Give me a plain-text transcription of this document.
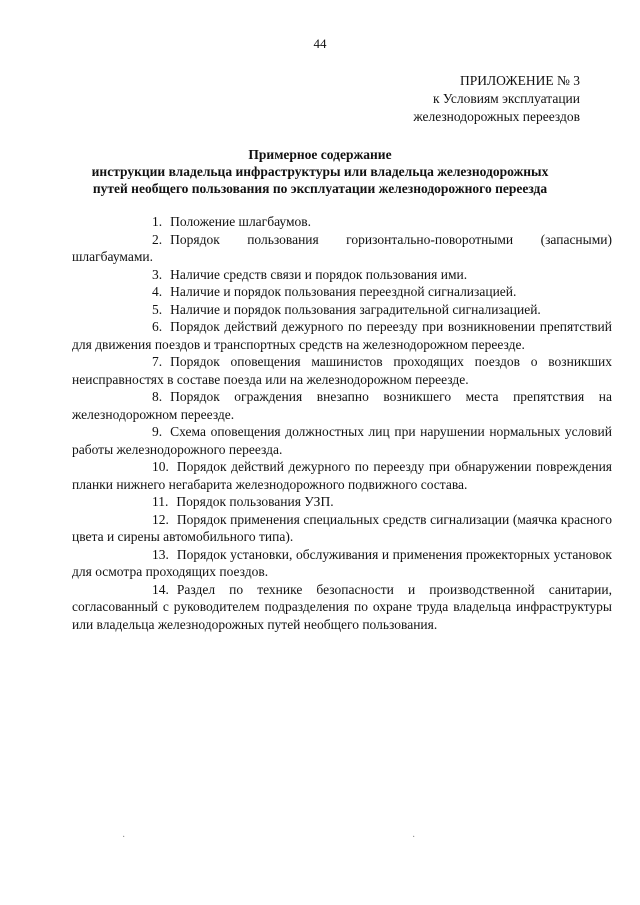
44
ПРИЛОЖЕНИЕ № 3
к Условиям эксплуатации
железнодорожных переездов
Примерное содержание
инструкции владельца инфраструктуры или владельца железнодорожных
путей необщего пользования по эксплуатации железнодорожного переезда

1. Положение шлагбаумов.

2. Порядок пользования горизонтально-поворотными (запасными) шлагбаумами.

3. Наличие средств связи и порядок пользования ими.

4. Наличие и порядок пользования переездной сигнализацией.

5. Наличие и порядок пользования заградительной сигнализацией.

6. Порядок действий дежурного по переезду при возникновении препятствий для движения поездов и транспортных средств на железнодорожном переезде.

7. Порядок оповещения машинистов проходящих поездов о возникших неисправностях в составе поезда или на железнодорожном переезде.

8. Порядок ограждения внезапно возникшего места препятствия на железнодорожном переезде.

9. Схема оповещения должностных лиц при нарушении нормальных условий работы железнодорожного переезда.

10. Порядок действий дежурного по переезду при обнаружении повреждения планки нижнего негабарита железнодорожного подвижного состава.

11. Порядок пользования УЗП.

12. Порядок применения специальных средств сигнализации (маячка красного цвета и сирены автомобильного типа).

13. Порядок установки, обслуживания и применения прожекторных установок для осмотра проходящих поездов.

14. Раздел по технике безопасности и производственной санитарии, согласованный с руководителем подразделения по охране труда владельца инфраструктуры или владельца железнодорожных путей необщего пользования.

·	·
